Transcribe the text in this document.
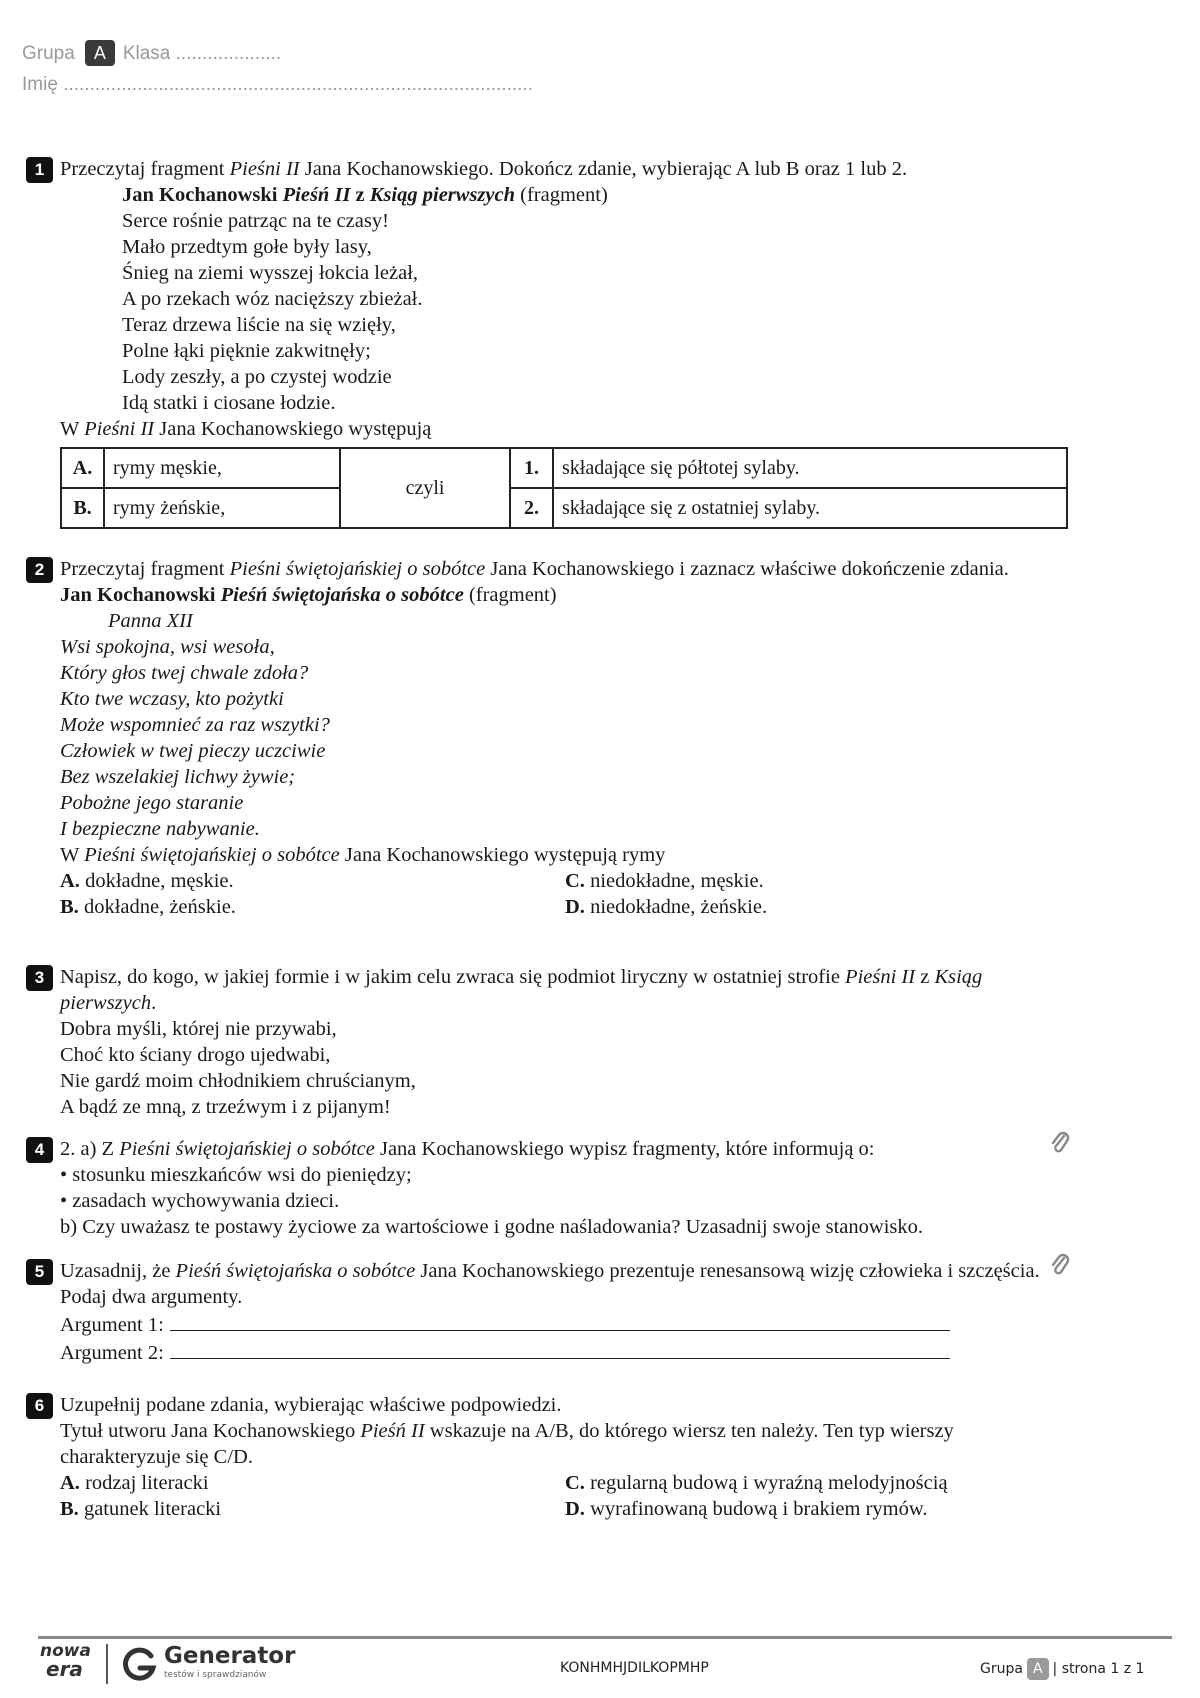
Grupa A Klasa ....................
Imię .........................................................................................
1 Przeczytaj fragment Pieśni II Jana Kochanowskiego. Dokończ zdanie, wybierając A lub B oraz 1 lub 2.
Jan Kochanowski Pieśń II z Ksiąg pierwszych (fragment)
Serce rośnie patrząc na te czasy!
Mało przedtym gołe były lasy,
Śnieg na ziemi wysszej łokcia leżał,
A po rzekach wóz nacięższy zbieżał.
Teraz drzewa liście na się wzięły,
Polne łąki pięknie zakwitnęły;
Lody zeszły, a po czystej wodzie
Idą statki i ciosane łodzie.
W Pieśni II Jana Kochanowskiego występują
A.	rymy męskie,	czyli	1.	składające się półtotej sylaby.
B.	rymy żeńskie,		2.	składające się z ostatniej sylaby.
2 Przeczytaj fragment Pieśni świętojańskiej o sobótce Jana Kochanowskiego i zaznacz właściwe dokończenie zdania.
Jan Kochanowski Pieśń świętojańska o sobótce (fragment)
Panna XII
Wsi spokojna, wsi wesoła,
Który głos twej chwale zdoła?
Kto twe wczasy, kto pożytki
Może wspomnieć za raz wszytki?
Człowiek w twej pieczy uczciwie
Bez wszelakiej lichwy żywie;
Pobożne jego staranie
I bezpieczne nabywanie.
W Pieśni świętojańskiej o sobótce Jana Kochanowskiego występują rymy
A. dokładne, męskie.	C. niedokładne, męskie.
B. dokładne, żeńskie.	D. niedokładne, żeńskie.
3 Napisz, do kogo, w jakiej formie i w jakim celu zwraca się podmiot liryczny w ostatniej strofie Pieśni II z Ksiąg pierwszych.
Dobra myśli, której nie przywabi,
Choć kto ściany drogo ujedwabi,
Nie gardź moim chłodnikiem chruścianym,
A bądź ze mną, z trzeźwym i z pijanym!
4 2. a) Z Pieśni świętojańskiej o sobótce Jana Kochanowskiego wypisz fragmenty, które informują o:
• stosunku mieszkańców wsi do pieniędzy;
• zasadach wychowywania dzieci.
b) Czy uważasz te postawy życiowe za wartościowe i godne naśladowania? Uzasadnij swoje stanowisko.
5 Uzasadnij, że Pieśń świętojańska o sobótce Jana Kochanowskiego prezentuje renesansową wizję człowieka i szczęścia. Podaj dwa argumenty.
Argument 1:
Argument 2:
6 Uzupełnij podane zdania, wybierając właściwe podpowiedzi.
Tytuł utworu Jana Kochanowskiego Pieśń II wskazuje na A/B, do którego wiersz ten należy. Ten typ wierszy charakteryzuje się C/D.
A. rodzaj literacki	C. regularną budową i wyraźną melodyjnością
B. gatunek literacki	D. wyrafinowaną budową i brakiem rymów.
nowa
era	Generator
testów i sprawdzianów	KONHMHJDILKOPMHP	Grupa A | strona 1 z 1
